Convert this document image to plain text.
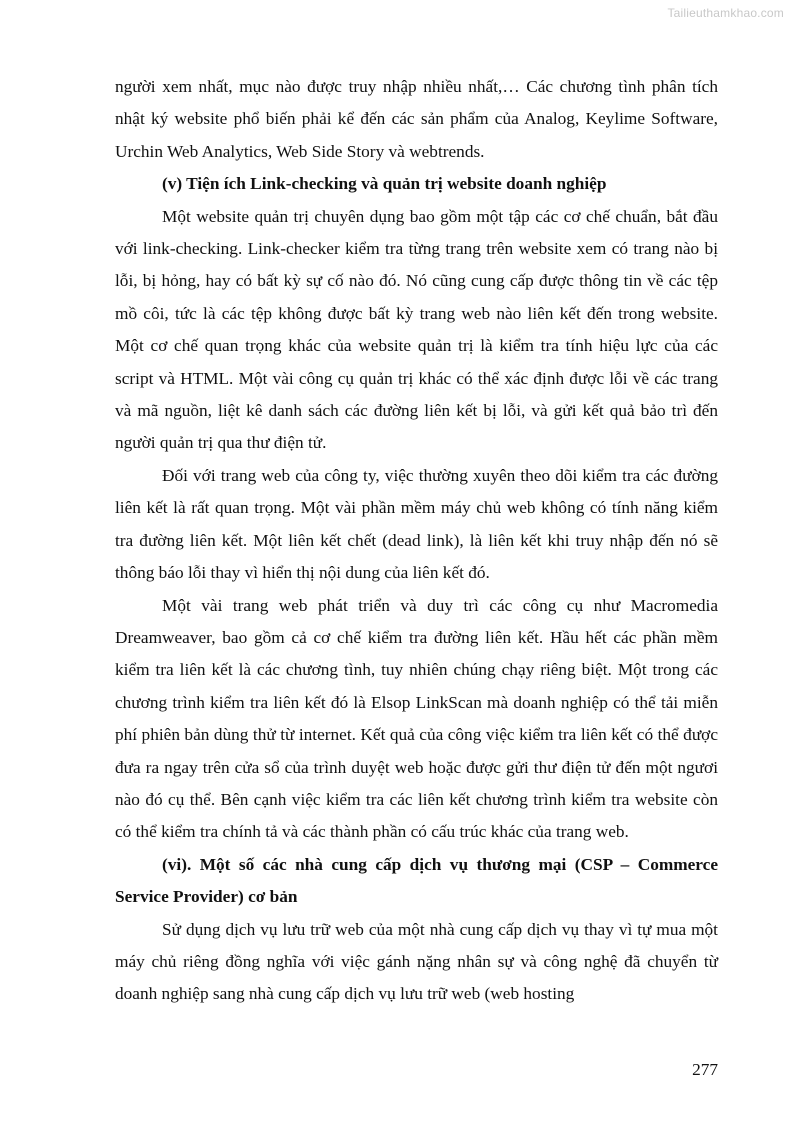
Tailieuthamkhao.com

người xem nhất, mục nào được truy nhập nhiều nhất,… Các chương tình phân tích nhật ký website phổ biến phải kể đến các sản phẩm của Analog, Keylime Software, Urchin Web Analytics, Web Side Story và webtrends.

(v) Tiện ích Link-checking và quản trị website doanh nghiệp

Một website quản trị chuyên dụng bao gồm một tập các cơ chế chuẩn, bắt đầu với link-checking. Link-checker kiểm tra từng trang trên website xem có trang nào bị lỗi, bị hỏng, hay có bất kỳ sự cố nào đó. Nó cũng cung cấp được thông tin về các tệp mồ côi, tức là các tệp không được bất kỳ trang web nào liên kết đến trong website. Một cơ chế quan trọng khác của website quản trị là kiểm tra tính hiệu lực của các script và HTML. Một vài công cụ quản trị khác có thể xác định được lỗi về các trang và mã nguồn, liệt kê danh sách các đường liên kết bị lỗi, và gửi kết quả bảo trì đến người quản trị qua thư điện tử.

Đối với trang web của công ty, việc thường xuyên theo dõi kiểm tra các đường liên kết là rất quan trọng. Một vài phần mềm máy chủ web không có tính năng kiểm tra đường liên kết. Một liên kết chết (dead link), là liên kết khi truy nhập đến nó sẽ thông báo lỗi thay vì hiển thị nội dung của liên kết đó.

Một vài trang web phát triển và duy trì các công cụ như Macromedia Dreamweaver, bao gồm cả cơ chế kiểm tra đường liên kết. Hầu hết các phần mềm kiểm tra liên kết là các chương tình, tuy nhiên chúng chạy riêng biệt. Một trong các chương trình kiểm tra liên kết đó là Elsop LinkScan mà doanh nghiệp có thể tải miễn phí phiên bản dùng thử từ internet. Kết quả của công việc kiểm tra liên kết có thể được đưa ra ngay trên cửa sổ của trình duyệt web hoặc được gửi thư điện tử đến một ngươi nào đó cụ thể. Bên cạnh việc kiểm tra các liên kết chương trình kiểm tra website còn có thể kiểm tra chính tả và các thành phần có cấu trúc khác của trang web.

(vi). Một số các nhà cung cấp dịch vụ thương mại (CSP – Commerce Service Provider) cơ bản

Sử dụng dịch vụ lưu trữ web của một nhà cung cấp dịch vụ thay vì tự mua một máy chủ riêng đồng nghĩa với việc gánh nặng nhân sự và công nghệ đã chuyển từ doanh nghiệp sang nhà cung cấp dịch vụ lưu trữ web (web hosting

277
